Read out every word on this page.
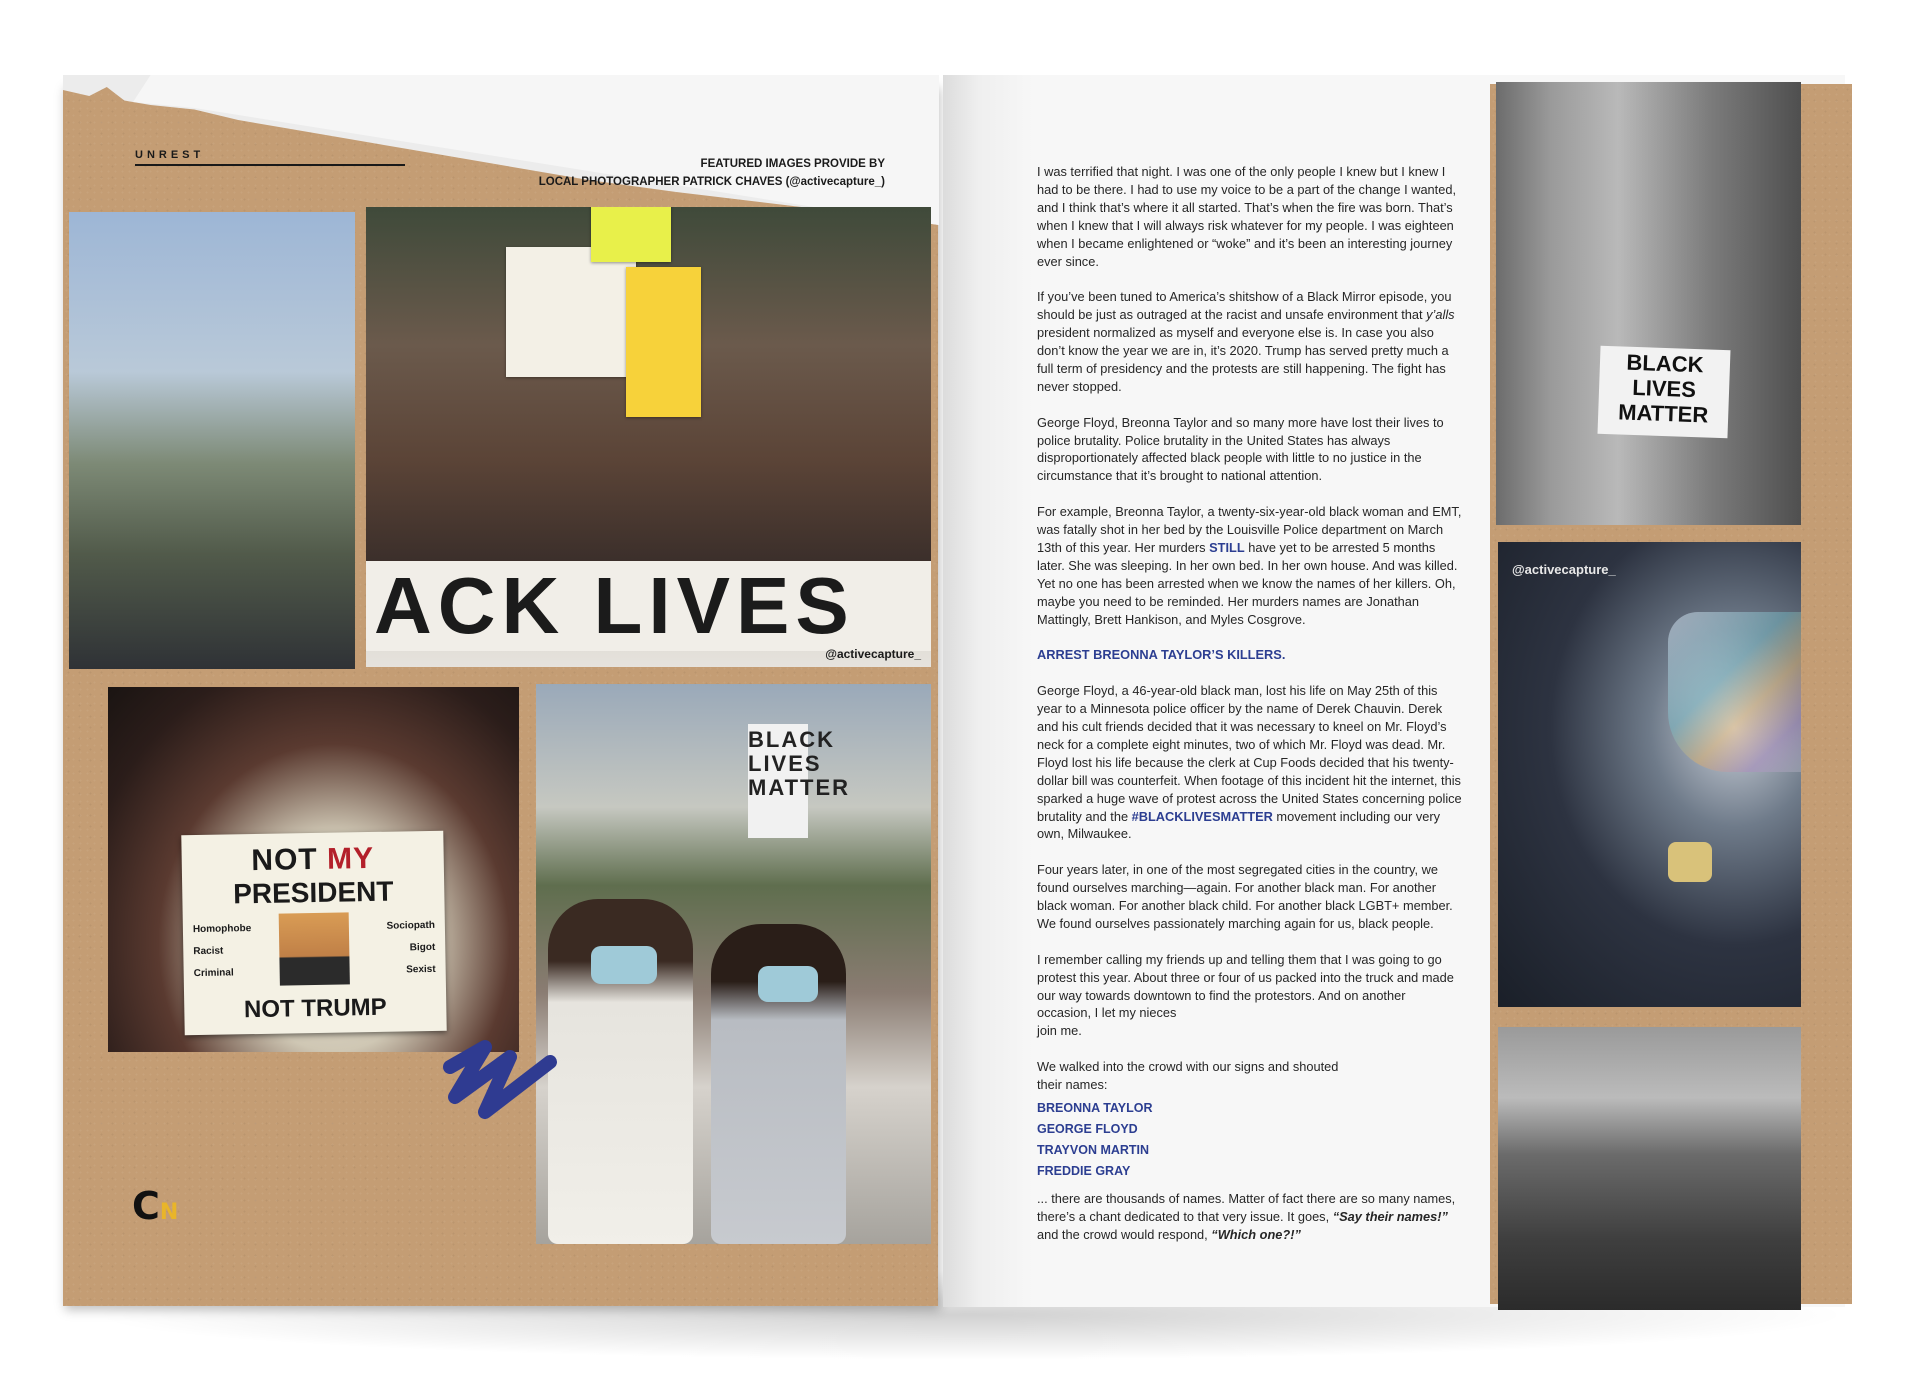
UNREST
FEATURED IMAGES PROVIDE BY
LOCAL PHOTOGRAPHER PATRICK CHAVES (@activecapture_)
ACK LIVES
@activecapture_
NOT MY
PRESIDENT
Homophobe
Racist
Criminal
Sociopath
Bigot
Sexist
NOT TRUMP
BLACK LIVES MATTER
CN
BLACK LIVES MATTER
@activecapture_

I was terrified that night. I was one of the only people I knew but I knew I had to be there. I had to use my voice to be a part of the change I wanted, and I think that’s where it all started. That’s when the fire was born. That’s when I knew that I will always risk whatever for my people. I was eighteen when I became enlightened or “woke” and it’s been an interesting journey ever since.

If you’ve been tuned to America’s shitshow of a Black Mirror episode, you should be just as outraged at the racist and unsafe environment that y’alls president normalized as myself and everyone else is. In case you also don’t know the year we are in, it’s 2020. Trump has served pretty much a full term of presidency and the protests are still happening. The fight has never stopped.

George Floyd, Breonna Taylor and so many more have lost their lives to police brutality. Police brutality in the United States has always disproportionately affected black people with little to no justice in the circumstance that it’s brought to national attention.

For example, Breonna Taylor, a twenty-six-year-old black woman and EMT, was fatally shot in her bed by the Louisville Police department on March 13th of this year. Her murders STILL have yet to be arrested 5 months later. She was sleeping. In her own bed. In her own house. And was killed. Yet no one has been arrested when we know the names of her killers. Oh, maybe you need to be reminded. Her murders names are Jonathan Mattingly, Brett Hankison, and Myles Cosgrove.

ARREST BREONNA TAYLOR’S KILLERS.

George Floyd, a 46-year-old black man, lost his life on May 25th of this year to a Minnesota police officer by the name of Derek Chauvin. Derek and his cult friends decided that it was necessary to kneel on Mr. Floyd’s neck for a complete eight minutes, two of which Mr. Floyd was dead. Mr. Floyd lost his life because the clerk at Cup Foods decided that his twenty-dollar bill was counterfeit. When footage of this incident hit the internet, this sparked a huge wave of protest across the United States concerning police brutality and the #BLACKLIVESMATTER movement including our very own, Milwaukee.

Four years later, in one of the most segregated cities in the country, we found ourselves marching—again. For another black man. For another black woman. For another black child. For another black LGBT+ member. We found ourselves passionately marching again for us, black people.

I remember calling my friends up and telling them that I was going to go protest this year. About three or four of us packed into the truck and made our way towards downtown to find the protestors. And on another occasion, I let my nieces
join me.

We walked into the crowd with our signs and shouted
their names:

BREONNA TAYLOR
GEORGE FLOYD
TRAYVON MARTIN
FREDDIE GRAY

... there are thousands of names. Matter of fact there are so many names, there’s a chant dedicated to that very issue. It goes, “Say their names!” and the crowd would respond, “Which one?!”
